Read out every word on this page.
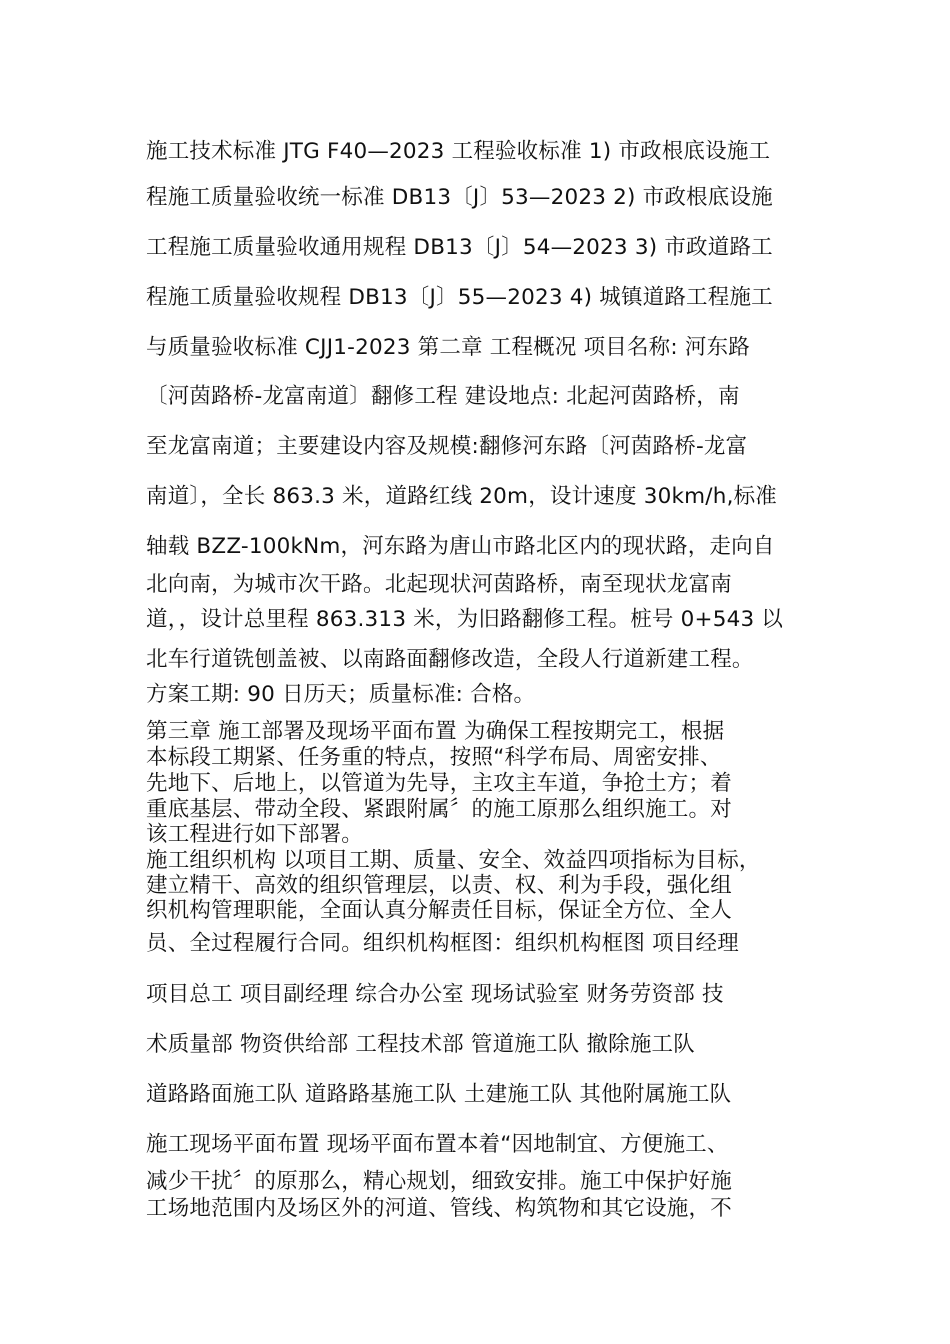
施工技术标准 JTG F40—2023 工程验收标准 1) 市政根底设施工
程施工质量验收统一标准 DB13〔J〕53—2023 2) 市政根底设施
工程施工质量验收通用规程 DB13〔J〕54—2023 3) 市政道路工
程施工质量验收规程 DB13〔J〕55—2023 4) 城镇道路工程施工
与质量验收标准 CJJ1-2023 第二章 工程概况 项目名称: 河东路
〔河茵路桥-龙富南道〕翻修工程 建设地点: 北起河茵路桥，南
至龙富南道；主要建设内容及规模:翻修河东路〔河茵路桥-龙富
南道〕，全长 863.3 米，道路红线 20m，设计速度 30km/h,标准
轴载 BZZ-100kNm，河东路为唐山市路北区内的现状路，走向自
北向南，为城市次干路。北起现状河茵路桥，南至现状龙富南
道，，设计总里程 863.313 米，为旧路翻修工程。桩号 0+543 以
北车行道铣刨盖被、以南路面翻修改造，全段人行道新建工程。
方案工期: 90 日历天；质量标准: 合格。
第三章 施工部署及现场平面布置 为确保工程按期完工，根据
本标段工期紧、任务重的特点，按照“科学布局、周密安排、
先地下、后地上，以管道为先导，主攻主车道，争抢土方；着
重底基层、带动全段、紧跟附属〞的施工原那么组织施工。对
该工程进行如下部署。
施工组织机构 以项目工期、质量、安全、效益四项指标为目标，
建立精干、高效的组织管理层，以责、权、利为手段，强化组
织机构管理职能，全面认真分解责任目标，保证全方位、全人
员、全过程履行合同。组织机构框图：组织机构框图 项目经理
项目总工 项目副经理 综合办公室 现场试验室 财务劳资部 技
术质量部 物资供给部 工程技术部 管道施工队 撤除施工队
道路路面施工队 道路路基施工队 土建施工队 其他附属施工队
施工现场平面布置 现场平面布置本着“因地制宜、方便施工、
减少干扰〞的原那么，精心规划，细致安排。施工中保护好施
工场地范围内及场区外的河道、管线、构筑物和其它设施，不
